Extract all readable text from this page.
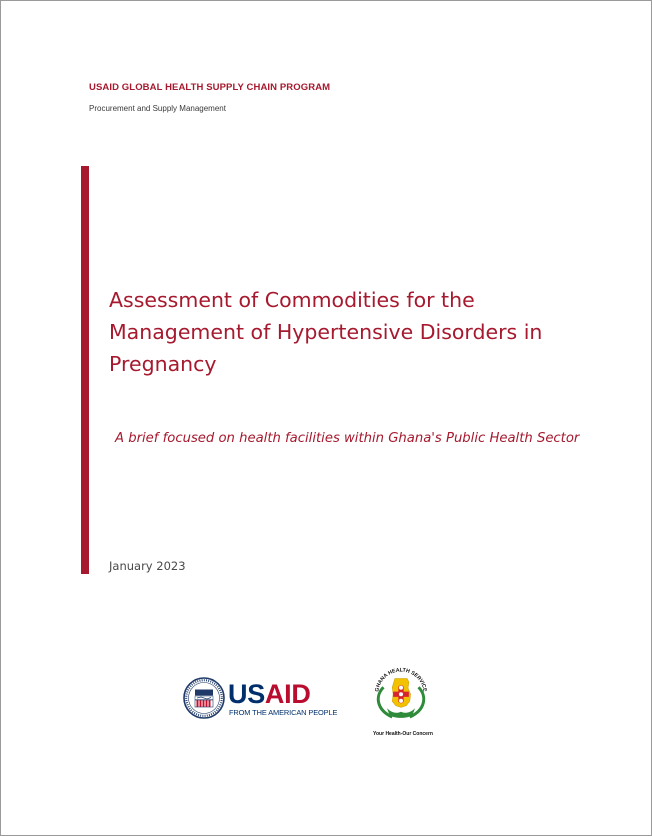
USAID GLOBAL HEALTH SUPPLY CHAIN PROGRAM
Procurement and Supply Management
Assessment of Commodities for the Management of Hypertensive Disorders in Pregnancy
A brief focused on health facilities within Ghana's Public Health Sector
January 2023
USAID
FROM THE AMERICAN PEOPLE
GHANA HEALTH SERVICE
Your Health-Our Concern
